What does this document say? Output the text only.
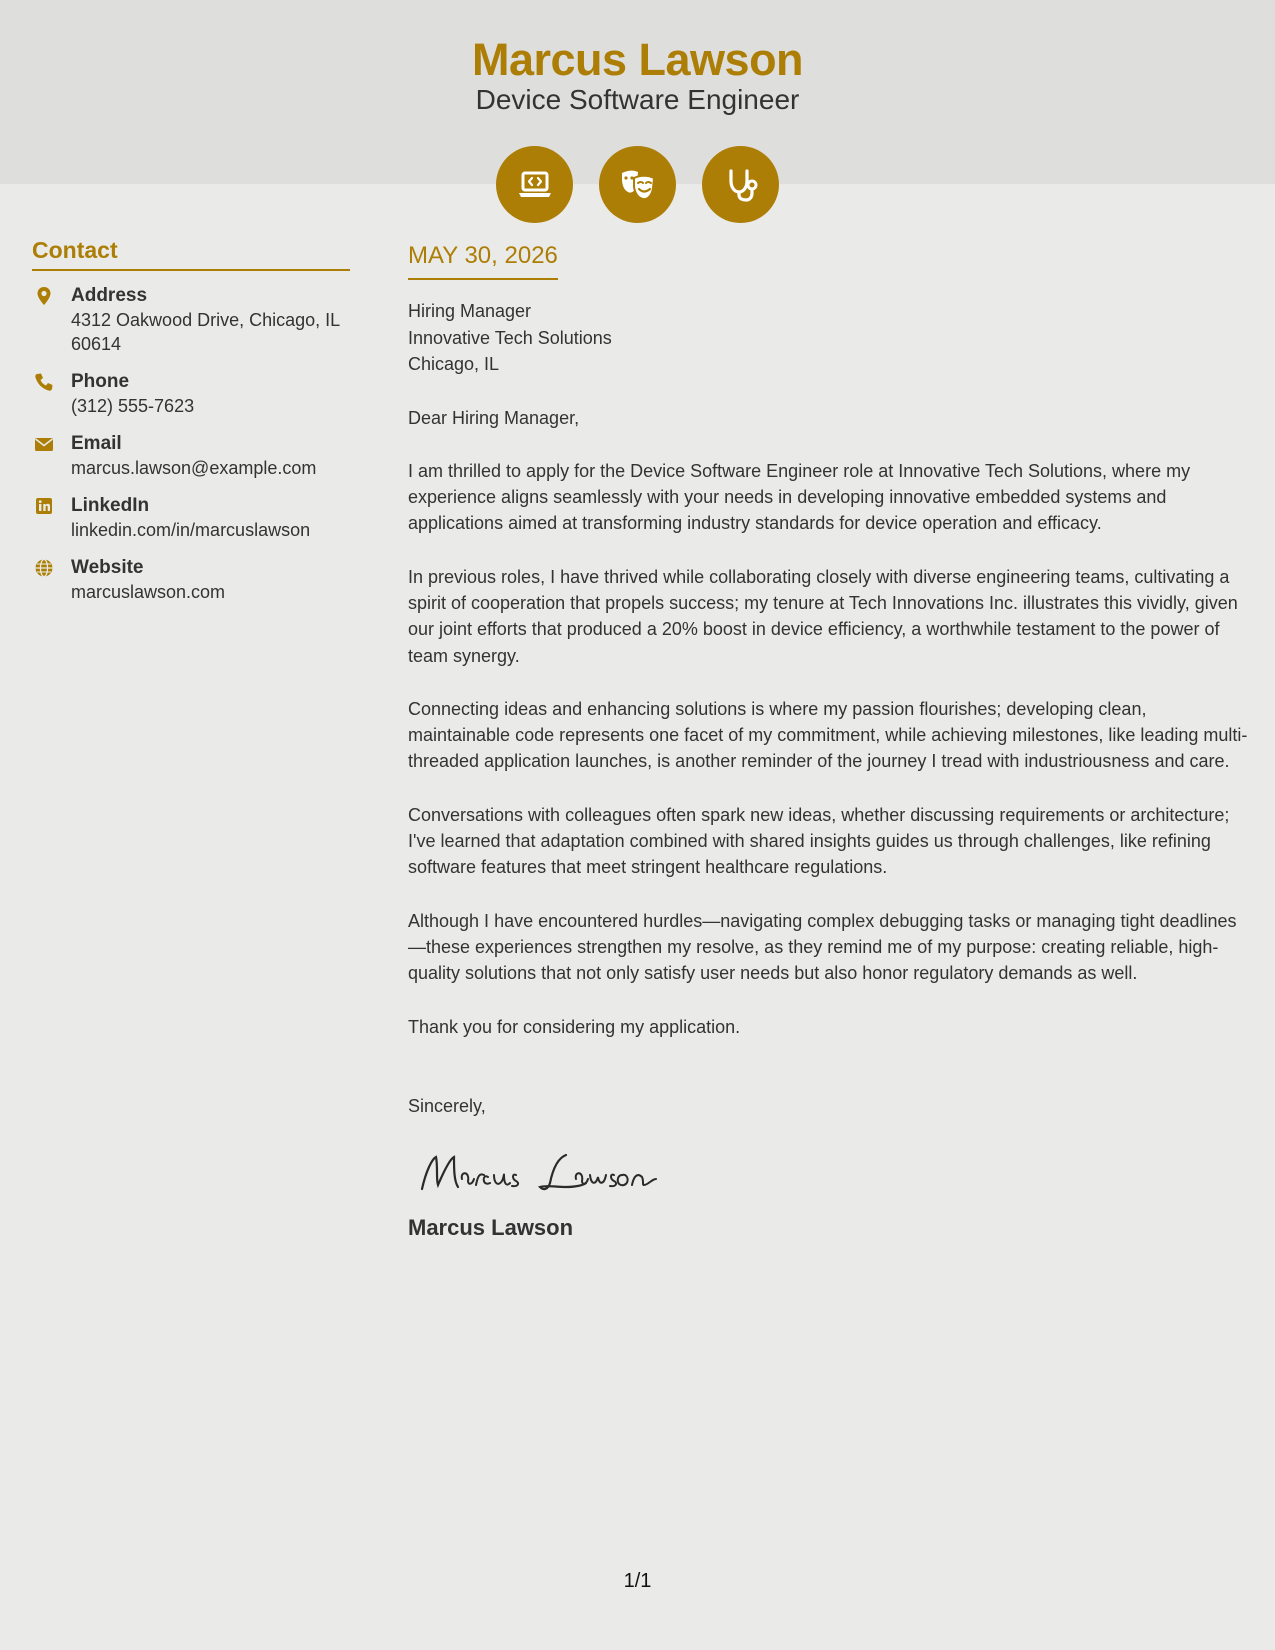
Marcus Lawson
Device Software Engineer
Contact
Address
4312 Oakwood Drive, Chicago, IL 60614
Phone
(312) 555-7623
Email
marcus.lawson@example.com
LinkedIn
linkedin.com/in/marcuslawson
Website
marcuslawson.com
MAY 30, 2026
Hiring Manager
Innovative Tech Solutions
Chicago, IL
Dear Hiring Manager,
I am thrilled to apply for the Device Software Engineer role at Innovative Tech Solutions, where my experience aligns seamlessly with your needs in developing innovative embedded systems and applications aimed at transforming industry standards for device operation and efficacy.
In previous roles, I have thrived while collaborating closely with diverse engineering teams, cultivating a spirit of cooperation that propels success; my tenure at Tech Innovations Inc. illustrates this vividly, given our joint efforts that produced a 20% boost in device efficiency, a worthwhile testament to the power of team synergy.
Connecting ideas and enhancing solutions is where my passion flourishes; developing clean, maintainable code represents one facet of my commitment, while achieving milestones, like leading multi-threaded application launches, is another reminder of the journey I tread with industriousness and care.
Conversations with colleagues often spark new ideas, whether discussing requirements or architecture; I've learned that adaptation combined with shared insights guides us through challenges, like refining software features that meet stringent healthcare regulations.
Although I have encountered hurdles—navigating complex debugging tasks or managing tight deadlines—these experiences strengthen my resolve, as they remind me of my purpose: creating reliable, high-quality solutions that not only satisfy user needs but also honor regulatory demands as well.
Thank you for considering my application.
Sincerely,
Marcus Lawson
1/1
